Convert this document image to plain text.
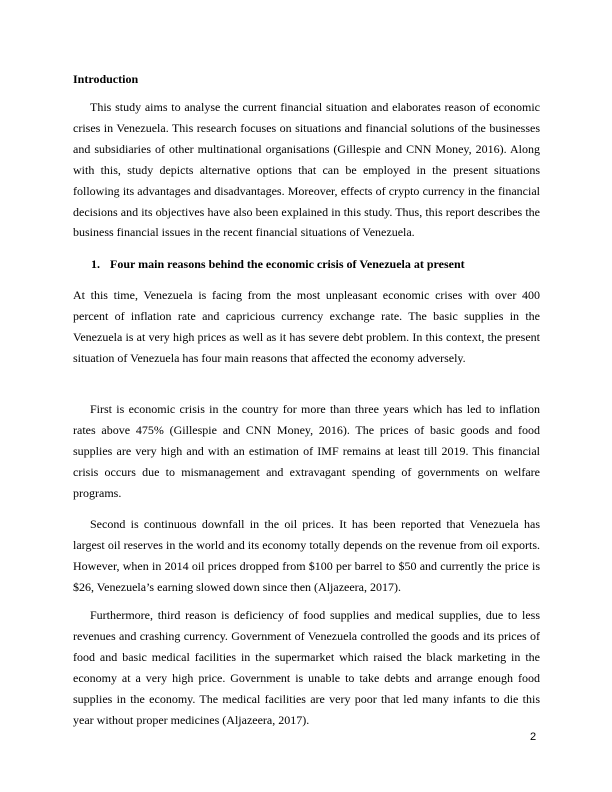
Introduction
This study aims to analyse the current financial situation and elaborates reason of economic crises in Venezuela. This research focuses on situations and financial solutions of the businesses and subsidiaries of other multinational organisations (Gillespie and CNN Money, 2016). Along with this, study depicts alternative options that can be employed in the present situations following its advantages and disadvantages. Moreover, effects of crypto currency in the financial decisions and its objectives have also been explained in this study. Thus, this report describes the business financial issues in the recent financial situations of Venezuela.
1. Four main reasons behind the economic crisis of Venezuela at present
At this time, Venezuela is facing from the most unpleasant economic crises with over 400 percent of inflation rate and capricious currency exchange rate. The basic supplies in the Venezuela is at very high prices as well as it has severe debt problem. In this context, the present situation of Venezuela has four main reasons that affected the economy adversely.
First is economic crisis in the country for more than three years which has led to inflation rates above 475% (Gillespie and CNN Money, 2016). The prices of basic goods and food supplies are very high and with an estimation of IMF remains at least till 2019. This financial crisis occurs due to mismanagement and extravagant spending of governments on welfare programs.
Second is continuous downfall in the oil prices. It has been reported that Venezuela has largest oil reserves in the world and its economy totally depends on the revenue from oil exports. However, when in 2014 oil prices dropped from $100 per barrel to $50 and currently the price is $26, Venezuela’s earning slowed down since then (Aljazeera, 2017).
Furthermore, third reason is deficiency of food supplies and medical supplies, due to less revenues and crashing currency. Government of Venezuela controlled the goods and its prices of food and basic medical facilities in the supermarket which raised the black marketing in the economy at a very high price. Government is unable to take debts and arrange enough food supplies in the economy. The medical facilities are very poor that led many infants to die this year without proper medicines (Aljazeera, 2017).
2
